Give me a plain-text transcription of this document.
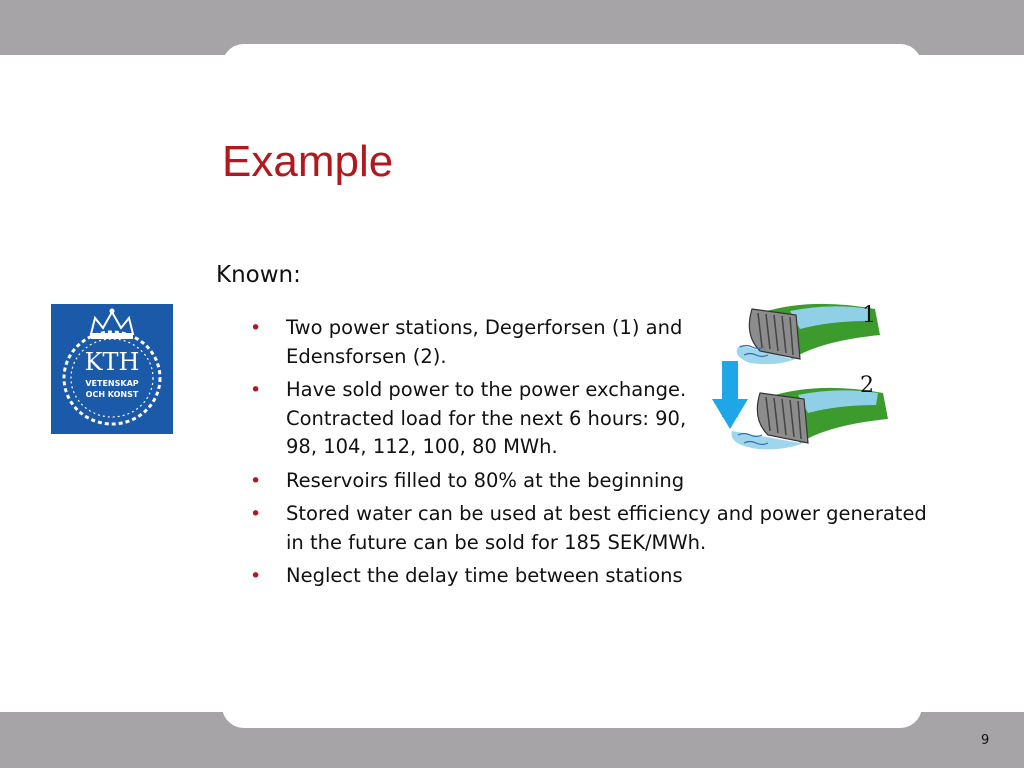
Example
KTH
VETENSKAP
OCH KONST
Known:
• Two power stations, Degerforsen (1) and Edensforsen (2).
• Have sold power to the power exchange. Contracted load for the next 6 hours: 90, 98, 104, 112, 100, 80 MWh.
• Reservoirs filled to 80% at the beginning
• Stored water can be used at best efficiency and power generated in the future can be sold for 185 SEK/MWh.
• Neglect the delay time between stations
1
2
9
